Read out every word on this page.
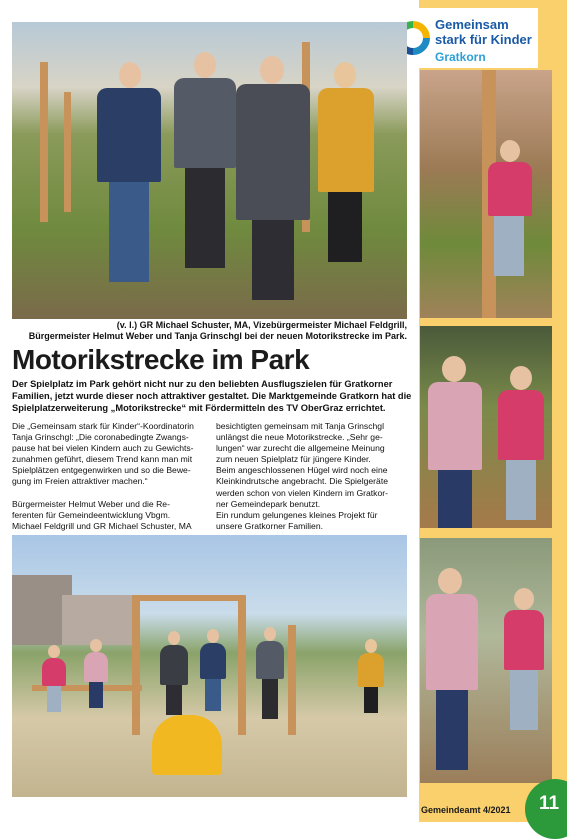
Gemeinsam
stark für Kinder
Gratkorn
(v. l.) GR Michael Schuster, MA, Vizebürgermeister Michael Feldgrill,
Bürgermeister Helmut Weber und Tanja Grinschgl bei der neuen Motorikstrecke im Park.
Motorikstrecke im Park
Der Spielplatz im Park gehört nicht nur zu den beliebten Ausflugszielen für Gratkorner
Familien, jetzt wurde dieser noch attraktiver gestaltet. Die Marktgemeinde Gratkorn hat die
Spielplatzerweiterung „Motorikstrecke“ mit Fördermitteln des TV OberGraz errichtet.
Die „Gemeinsam stark für Kinder“-Koordinatorin
Tanja Grinschgl: „Die coronabedingte Zwangs-
pause hat bei vielen Kindern auch zu Gewichts-
zunahmen geführt, diesem Trend kann man mit
Spielplätzen entgegenwirken und so die Bewe-
gung im Freien attraktiver machen.“
Bürgermeister Helmut Weber und die Re-
ferenten für Gemeindeentwicklung Vbgm.
Michael Feldgrill und GR Michael Schuster, MA
besichtigten gemeinsam mit Tanja Grinschgl
unlängst die neue Motorikstrecke. „Sehr ge-
lungen“ war zurecht die allgemeine Meinung
zum neuen Spielplatz für jüngere Kinder.
Beim angeschlossenen Hügel wird noch eine
Kleinkindrutsche angebracht. Die Spielgeräte
werden schon von vielen Kindern im Gratkor-
ner Gemeindepark benutzt.
Ein rundum gelungenes kleines Projekt für
unsere Gratkorner Familien.
Gemeindeamt 4/2021 11
